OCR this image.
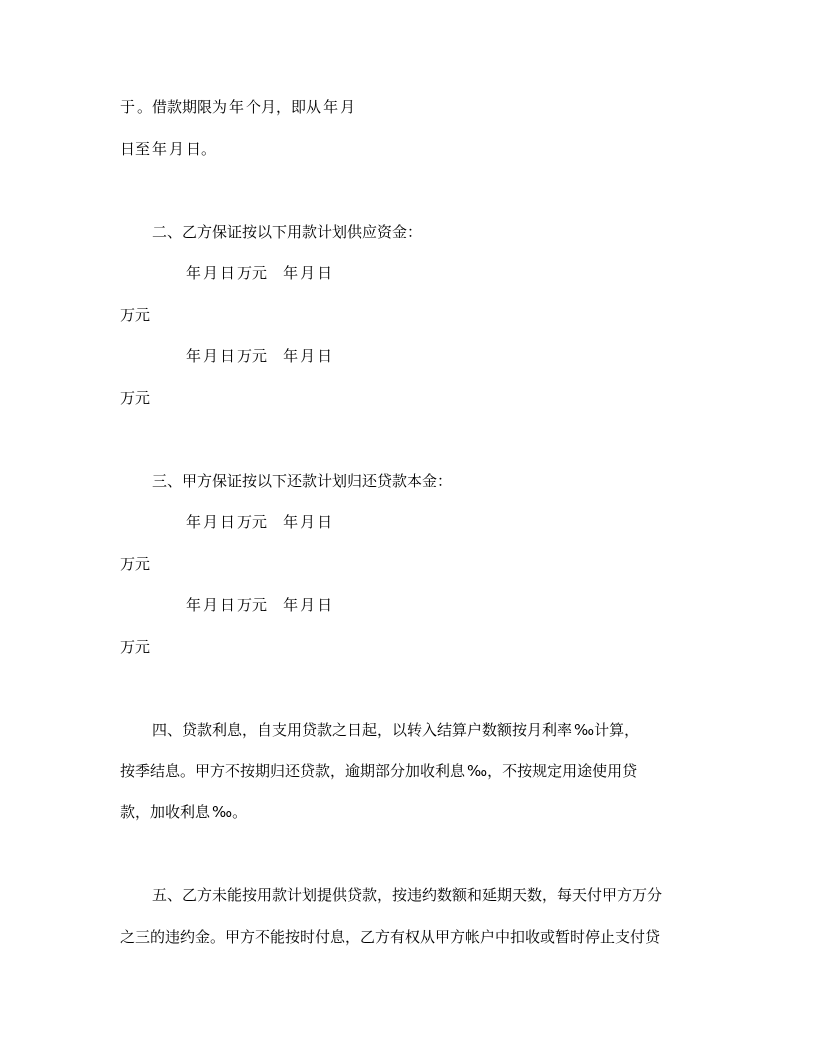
于 。借款期限为 年 个月，即从 年 月
日至 年 月 日。
二、乙方保证按以下用款计划供应资金：
年 月 日 万元 年 月 日
万元
年 月 日 万元 年 月 日
万元
三、甲方保证按以下还款计划归还贷款本金：
年 月 日 万元 年 月 日
万元
年 月 日 万元 年 月 日
万元
四、贷款利息，自支用贷款之日起，以转入结算户数额按月利率 ‰计算，
按季结息。甲方不按期归还贷款，逾期部分加收利息 ‰，不按规定用途使用贷
款，加收利息 ‰。
五、乙方未能按用款计划提供贷款，按违约数额和延期天数，每天付甲方万分
之三的违约金。甲方不能按时付息，乙方有权从甲方帐户中扣收或暂时停止支付贷
